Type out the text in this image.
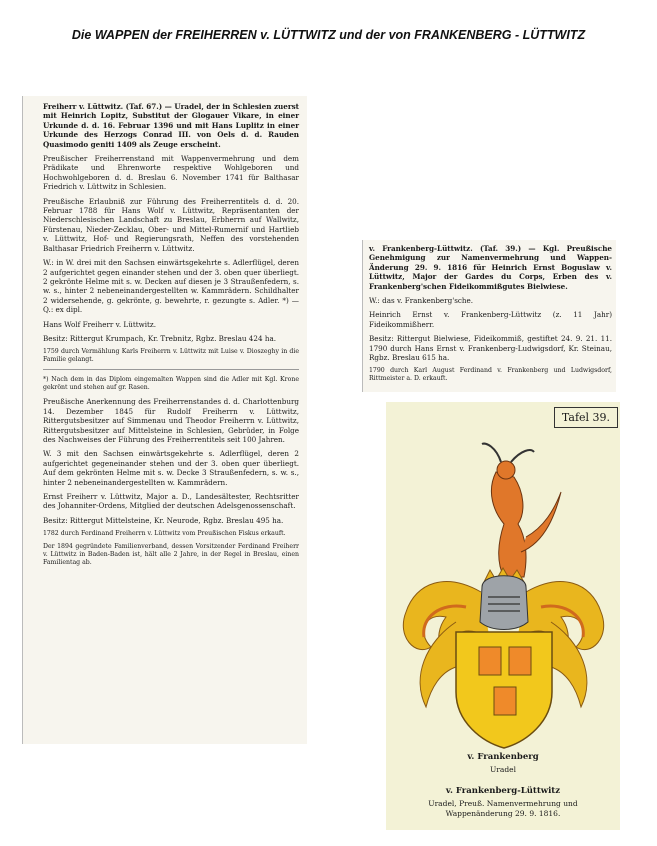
Die WAPPEN der FREIHERREN v. LÜTTWITZ und der von FRANKENBERG - LÜTTWITZ

Freiherr v. Lüttwitz. (Taf. 67.) — Uradel, der in Schlesien zuerst mit Heinrich Lopitz, Substitut der Glogauer Vikare, in einer Urkunde d. d. 16. Februar 1396 und mit Hans Luplitz in einer Urkunde des Herzogs Conrad III. von Oels d. d. Rauden Quasimodo geniti 1409 als Zeuge erscheint.

Preußischer Freiherrenstand mit Wappenvermehrung und dem Prädikate und Ehrenworte respektive Wohlgeboren und Hochwohlgeboren d. d. Breslau 6. November 1741 für Balthasar Friedrich v. Lüttwitz in Schlesien.

Preußische Erlaubniß zur Führung des Freiherrentitels d. d. 20. Februar 1788 für Hans Wolf v. Lüttwitz, Repräsentanten der Niederschlesischen Landschaft zu Breslau, Erbherrn auf Wallwitz, Fürstenau, Nieder-Zecklau, Ober- und Mittel-Rumernif und Hartlieb v. Lüttwitz, Hof- und Regierungsrath, Neffen des vorstehenden Balthasar Friedrich Freiherrn v. Lüttwitz.

W.: in W. drei mit den Sachsen einwärtsgekehrte s. Adlerflügel, deren 2 aufgerichtet gegen einander stehen und der 3. oben quer überliegt. 2 gekrönte Helme mit s. w. Decken auf diesen je 3 Straußenfedern, s. w. s., hinter 2 nebeneinandergestellten w. Kammrädern. Schildhalter 2 widersehende, g. gekrönte, g. bewehrte, r. gezungte s. Adler. *) — Q.: ex dipl.

Hans Wolf Freiherr v. Lüttwitz.

Besitz: Rittergut Krumpach, Kr. Trebnitz, Rgbz. Breslau 424 ha.

1759 durch Vermählung Karls Freiherrn v. Lüttwitz mit Luise v. Dioszeghy in die Familie gelangt.

*) Nach dem in das Diplom eingemalten Wappen sind die Adler mit Kgl. Krone gekrönt und stehen auf gr. Rasen.

Preußische Anerkennung des Freiherrenstandes d. d. Charlottenburg 14. Dezember 1845 für Rudolf Freiherrn v. Lüttwitz, Rittergutsbesitzer auf Simmenau und Theodor Freiherrn v. Lüttwitz, Rittergutsbesitzer auf Mittelsteine in Schlesien, Gebrüder, in Folge des Nachweises der Führung des Freiherrentitels seit 100 Jahren.

W. 3 mit den Sachsen einwärtsgekehrte s. Adlerflügel, deren 2 aufgerichtet gegeneinander stehen und der 3. oben quer überliegt. Auf dem gekrönten Helme mit s. w. Decke 3 Straußenfedern, s. w. s., hinter 2 nebeneinandergestellten w. Kammrädern.

Ernst Freiherr v. Lüttwitz, Major a. D., Landesältester, Rechtsritter des Johanniter-Ordens, Mitglied der deutschen Adelsgenossenschaft.

Besitz: Rittergut Mittelsteine, Kr. Neurode, Rgbz. Breslau 495 ha.

1782 durch Ferdinand Freiherrn v. Lüttwitz vom Preußischen Fiskus erkauft.

Der 1894 gegründete Familienverband, dessen Vorsitzender Ferdinand Freiherr v. Lüttwitz in Baden-Baden ist, hält alle 2 Jahre, in der Regel in Breslau, einen Familientag ab.

v. Frankenberg-Lüttwitz. (Taf. 39.) — Kgl. Preußische Genehmigung zur Namenvermehrung und Wappen-Änderung 29. 9. 1816 für Heinrich Ernst Boguslaw v. Lüttwitz, Major der Gardes du Corps, Erben des v. Frankenberg'schen Fideikommißgutes Bielwiese.

W.: das v. Frankenberg'sche.

Heinrich Ernst v. Frankenberg-Lüttwitz (z. 11 Jahr) Fideikommißherr.

Besitz: Rittergut Bielwiese, Fideikommiß, gestiftet 24. 9. 21. 11. 1790 durch Hans Ernst v. Frankenberg-Ludwigsdorf, Kr. Steinau, Rgbz. Breslau 615 ha.

1790 durch Karl August Ferdinand v. Frankenberg und Ludwigsdorf, Rittmeister a. D. erkauft.

Tafel 39.
v. Frankenberg
Uradel
v. Frankenberg-Lüttwitz
Uradel, Preuß. Namenvermehrung und Wappenänderung 29. 9. 1816.
